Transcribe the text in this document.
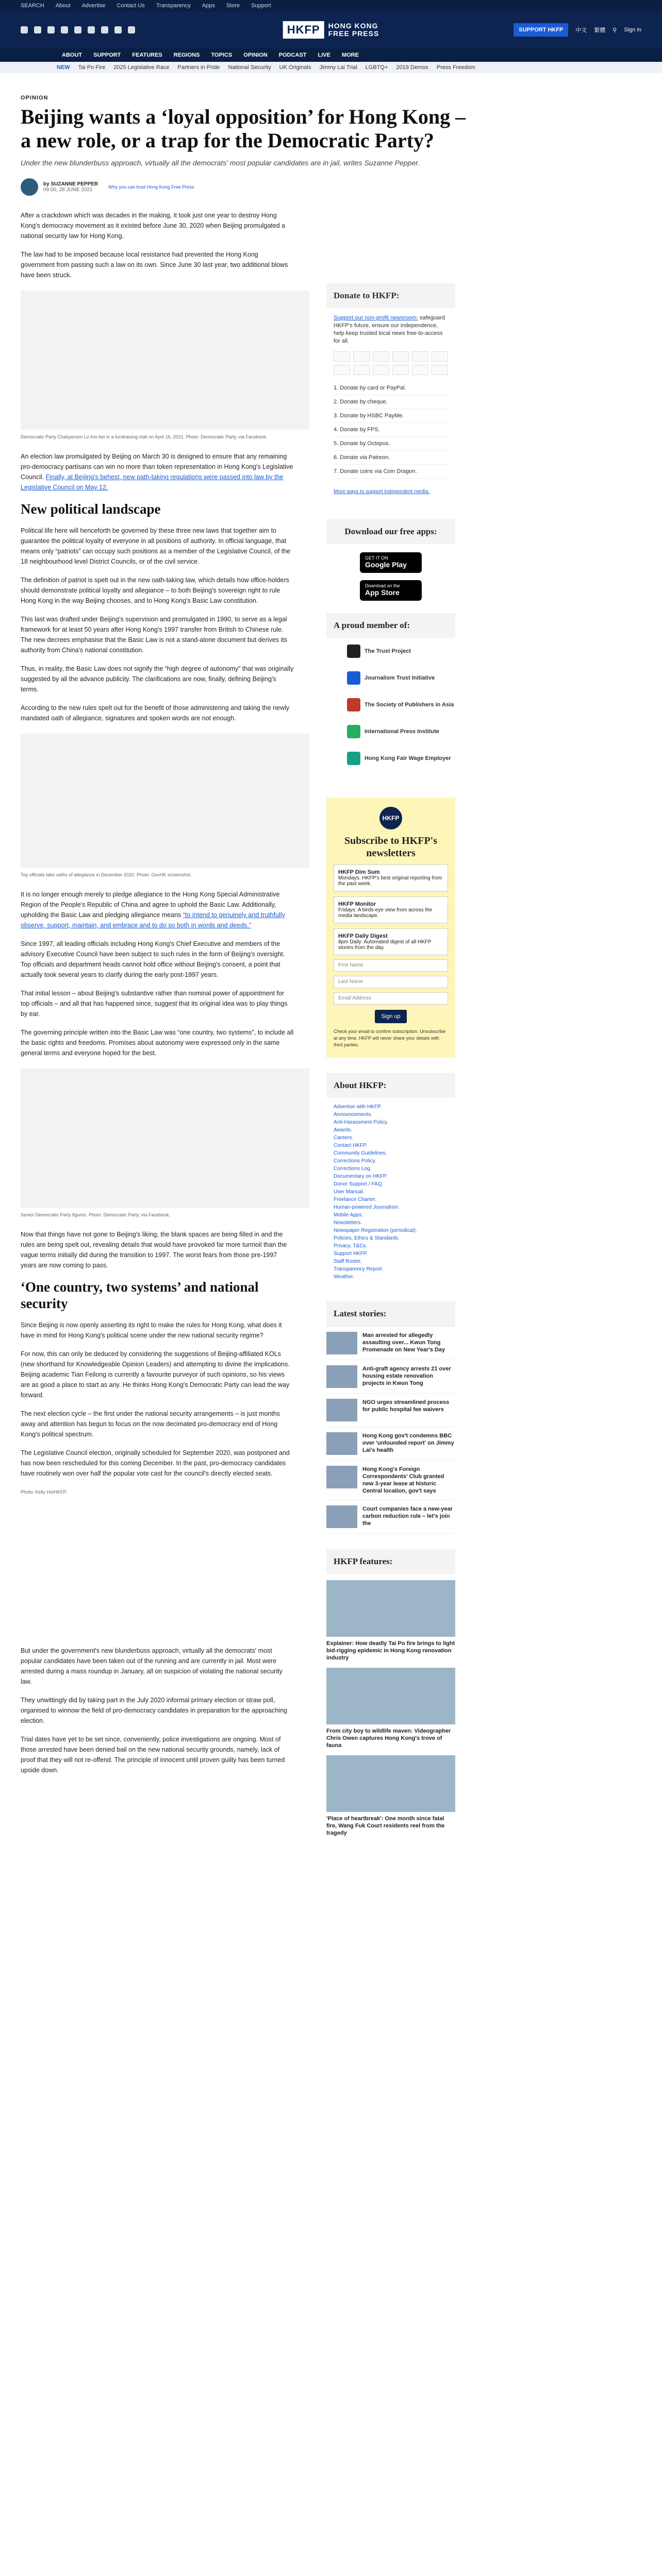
SEARCH About Advertise Contact Us Transparency Apps Store Support
HKFP	HONG KONG
FREE PRESS	SUPPORT HKFP	中文 繁體 ⚲ Sign in
ABOUT SUPPORT FEATURES REGIONS TOPICS OPINION PODCAST LIVE MORE
NEW Tai Po Fire 2025 Legislative Race Partners in Pride National Security UK Originals Jimmy Lai Trial LGBTQ+ 2019 Demos Press Freedom
OPINION
Beijing wants a ‘loyal opposition’ for Hong Kong – a new role, or a trap for the Democratic Party?
Under the new blunderbuss approach, virtually all the democrats' most popular candidates are in jail, writes Suzanne Pepper.
by SUZANNE PEPPER
09:00, 28 JUNE 2021	Why you can trust Hong Kong Free Press

After a crackdown which was decades in the making, it took just one year to destroy Hong Kong's democracy movement as it existed before June 30, 2020 when Beijing promulgated a national security law for Hong Kong.

The law had to be imposed because local resistance had prevented the Hong Kong government from passing such a law on its own. Since June 30 last year, two additional blows have been struck.

Democratic Party Chairperson Lo Kin-hei in a fundraising stall on April 16, 2021. Photo: Democratic Party, via Facebook.

An election law promulgated by Beijing on March 30 is designed to ensure that any remaining pro-democracy partisans can win no more than token representation in Hong Kong's Legislative Council. Finally, at Beijing's behest, new path-taking regulations were passed into law by the Legislative Council on May 12.

New political landscape

Political life here will henceforth be governed by these three new laws that together aim to guarantee the political loyalty of everyone in all positions of authority. In official language, that means only “patriots” can occupy such positions as a member of the Legislative Council, of the 18 neighbourhood level District Councils, or of the civil service.

The definition of patriot is spelt out in the new oath-taking law, which details how office-holders should demonstrate political loyalty and allegiance – to both Beijing's sovereign right to rule Hong Kong in the way Beijing chooses, and to Hong Kong's Basic Law constitution.

This last was drafted under Beijing's supervision and promulgated in 1990, to serve as a legal framework for at least 50 years after Hong Kong's 1997 transfer from British to Chinese rule. The new decrees emphasise that the Basic Law is not a stand-alone document but derives its authority from China's national constitution.

Thus, in reality, the Basic Law does not signify the “high degree of autonomy” that was originally suggested by all the advance publicity. The clarifications are now, finally, defining Beijing's terms.

According to the new rules spelt out for the benefit of those administering and taking the newly mandated oath of allegiance, signatures and spoken words are not enough.

Top officials take oaths of allegiance in December 2020. Photo: GovHK screenshot.

It is no longer enough merely to pledge allegiance to the Hong Kong Special Administrative Region of the People's Republic of China and agree to uphold the Basic Law. Additionally, upholding the Basic Law and pledging allegiance means “to intend to genuinely and truthfully observe, support, maintain, and embrace and to do so both in words and deeds.”

Since 1997, all leading officials including Hong Kong's Chief Executive and members of the advisory Executive Council have been subject to such rules in the form of Beijing's oversight. Top officials and department heads cannot hold office without Beijing's consent, a point that actually took several years to clarify during the early post-1997 years.

That initial lesson – about Beijing's substantive rather than nominal power of appointment for top officials – and all that has happened since, suggest that its original idea was to play things by ear.

The governing principle written into the Basic Law was “one country, two systems”, to include all the basic rights and freedoms. Promises about autonomy were expressed only in the same general terms and everyone hoped for the best.

Senior Democratic Party figures. Photo: Democratic Party, via Facebook.

Now that things have not gone to Beijing's liking, the blank spaces are being filled in and the rules are being spelt out, revealing details that would have provoked far more turmoil than the vague terms initially did during the transition to 1997. The worst fears from those pre-1997 years are now coming to pass.

‘One country, two systems’ and national security

Since Beijing is now openly asserting its right to make the rules for Hong Kong, what does it have in mind for Hong Kong's political scene under the new national security regime?

For now, this can only be deduced by considering the suggestions of Beijing-affiliated KOLs (new shorthand for Knowledgeable Opinion Leaders) and attempting to divine the implications. Beijing academic Tian Feilong is currently a favourite purveyor of such opinions, so his views are as good a place to start as any. He thinks Hong Kong's Democratic Party can lead the way forward.

The next election cycle – the first under the national security arrangements – is just months away and attention has begun to focus on the now decimated pro-democracy end of Hong Kong's political spectrum.

The Legislative Council election, originally scheduled for September 2020, was postponed and has now been rescheduled for this coming December. In the past, pro-democracy candidates have routinely won over half the popular vote cast for the council's directly elected seats.

Photo: Kelly Ho/HKFP.

But under the government's new blunderbuss approach, virtually all the democrats' most popular candidates have been taken out of the running and are currently in jail. Most were arrested during a mass roundup in January, all on suspicion of violating the national security law.

They unwittingly did by taking part in the July 2020 informal primary election or straw poll, organised to winnow the field of pro-democracy candidates in preparation for the approaching election.

Trial dates have yet to be set since, conveniently, police investigations are ongoing. Most of those arrested have been denied bail on the new national security grounds, namely, lack of proof that they will not re-offend. The principle of innocent until proven guilty has been turned upside down.

Donate to HKFP:
Support our non-profit newsroom: safeguard HKFP's future, ensure our independence, help keep trusted local news free-to-access for all.
1. Donate by card or PayPal.
2. Donate by cheque.
3. Donate by HSBC PayMe.
4. Donate by FPS.
5. Donate by Octopus.
6. Donate via Patreon.
7. Donate coins via Coin Dragon.
More ways to support independent media.
Download our free apps:
GET IT ON
Google Play
Download on the
App Store
A proud member of:
The Trust Project
Journalism Trust Initiative
The Society of Publishers in Asia
International Press Institute
Hong Kong Fair Wage Employer
HKFP
Subscribe to HKFP's newsletters
HKFP Dim Sum
Mondays: HKFP's best original reporting from the past week.
HKFP Monitor
Fridays: A birds-eye view from across the media landscape.
HKFP Daily Digest
8pm Daily: Automated digest of all HKFP stories from the day.
First Name
Last Name
Email Address
Sign up
Check your email to confirm subscription. Unsubscribe at any time. HKFP will never share your details with third parties.
About HKFP:
Advertise with HKFP.
Announcements.
Anti-Harassment Policy.
Awards.
Careers.
Contact HKFP.
Community Guidelines.
Corrections Policy.
Corrections Log.
Documentary on HKFP.
Donor Support / FAQ.
User Manual.
Freelance Charter.
Human-powered Journalism.
Mobile Apps.
Newsletters.
Newspaper Registration (periodical).
Policies, Ethics & Standards.
Privacy, T&Cs.
Support HKFP.
Staff Roster.
Transparency Report.
Weather.
Latest stories:
Man arrested for allegedly assaulting over... Kwun Tong Promenade on New Year's Day
Anti-graft agency arrests 21 over housing estate renovation projects in Kwun Tong
NGO urges streamlined process for public hospital fee waivers
Hong Kong gov't condemns BBC over 'unfounded report' on Jimmy Lai's health
Hong Kong's Foreign Correspondents' Club granted new 3-year lease at historic Central location, gov't says
Court companies face a new-year carbon reduction rule – let's join the
HKFP features:
Explainer: How deadly Tai Po fire brings to light bid-rigging epidemic in Hong Kong renovation industry
From city boy to wildlife maven: Videographer Chris Owen captures Hong Kong's trove of fauna
'Place of heartbreak': One month since fatal fire, Wang Fuk Court residents reel from the tragedy
